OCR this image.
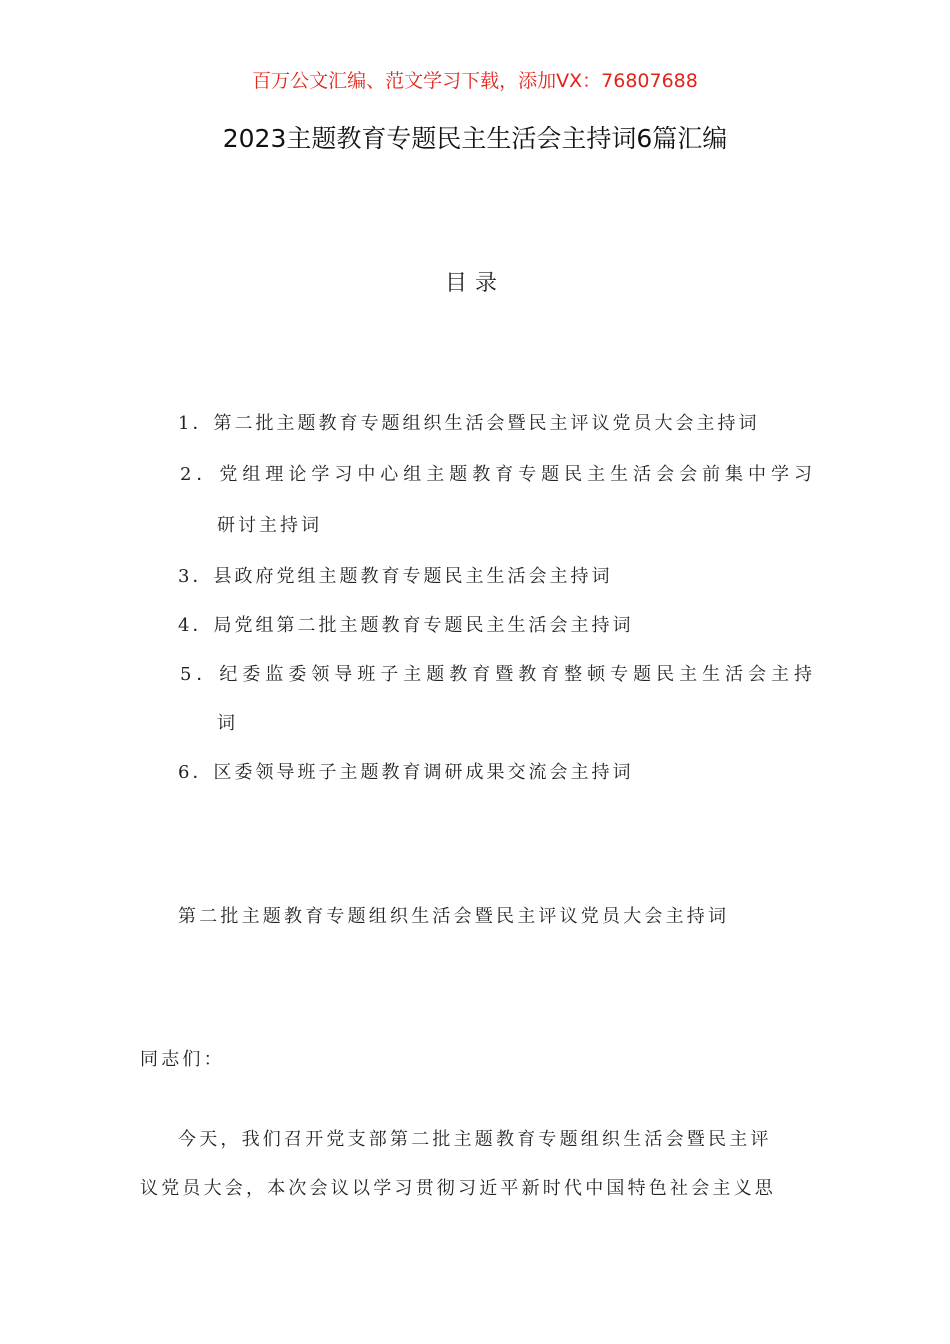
百万公文汇编、范文学习下载，添加VX：76807688
2023主题教育专题民主生活会主持词6篇汇编
目录
1．第二批主题教育专题组织生活会暨民主评议党员大会主持词
2．党组理论学习中心组主题教育专题民主生活会会前集中学习
研讨主持词
3．县政府党组主题教育专题民主生活会主持词
4．局党组第二批主题教育专题民主生活会主持词
5．纪委监委领导班子主题教育暨教育整顿专题民主生活会主持
词
6．区委领导班子主题教育调研成果交流会主持词
第二批主题教育专题组织生活会暨民主评议党员大会主持词
同志们：
今天，我们召开党支部第二批主题教育专题组织生活会暨民主评
议党员大会，本次会议以学习贯彻习近平新时代中国特色社会主义思
